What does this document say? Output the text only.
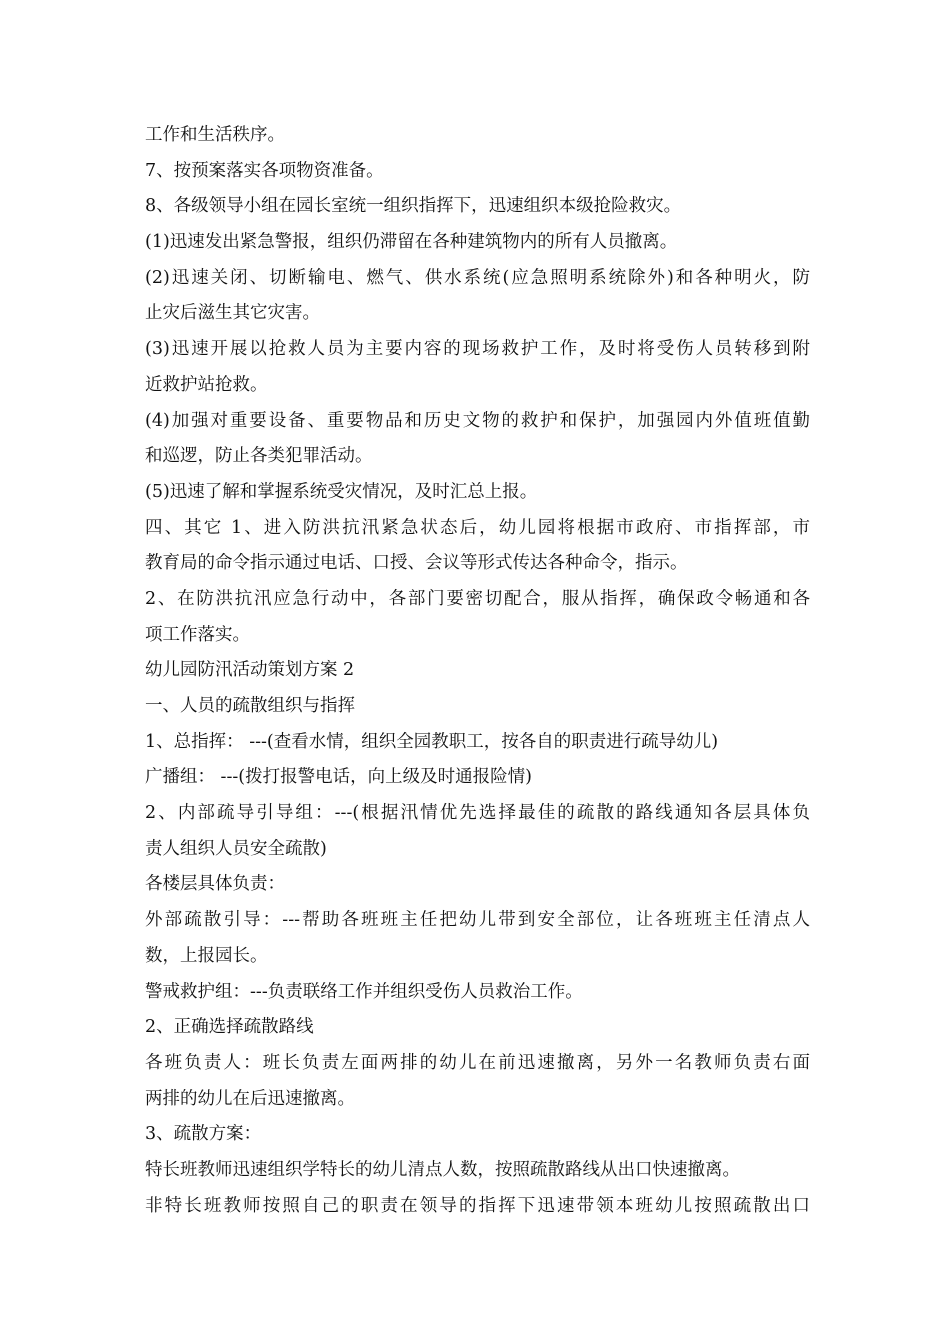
工作和生活秩序。
7、按预案落实各项物资准备。
8、各级领导小组在园长室统一组织指挥下，迅速组织本级抢险救灾。
(1)迅速发出紧急警报，组织仍滞留在各种建筑物内的所有人员撤离。
(2)迅速关闭、切断输电、燃气、供水系统(应急照明系统除外)和各种明火，防
止灾后滋生其它灾害。
(3)迅速开展以抢救人员为主要内容的现场救护工作，及时将受伤人员转移到附
近救护站抢救。
(4)加强对重要设备、重要物品和历史文物的救护和保护，加强园内外值班值勤
和巡逻，防止各类犯罪活动。
(5)迅速了解和掌握系统受灾情况，及时汇总上报。
四、其它 1、进入防洪抗汛紧急状态后，幼儿园将根据市政府、市指挥部，市
教育局的命令指示通过电话、口授、会议等形式传达各种命令，指示。
2、在防洪抗汛应急行动中，各部门要密切配合，服从指挥，确保政令畅通和各
项工作落实。
幼儿园防汛活动策划方案 2
一、人员的疏散组织与指挥
1、总指挥： ---(查看水情，组织全园教职工，按各自的职责进行疏导幼儿)
广播组： ---(拨打报警电话，向上级及时通报险情)
2、内部疏导引导组：---(根据汛情优先选择最佳的疏散的路线通知各层具体负
责人组织人员安全疏散)
各楼层具体负责：
外部疏散引导：---帮助各班班主任把幼儿带到安全部位，让各班班主任清点人
数，上报园长。
警戒救护组：---负责联络工作并组织受伤人员救治工作。
2、正确选择疏散路线
各班负责人：班长负责左面两排的幼儿在前迅速撤离，另外一名教师负责右面
两排的幼儿在后迅速撤离。
3、疏散方案：
特长班教师迅速组织学特长的幼儿清点人数，按照疏散路线从出口快速撤离。
非特长班教师按照自己的职责在领导的指挥下迅速带领本班幼儿按照疏散出口
